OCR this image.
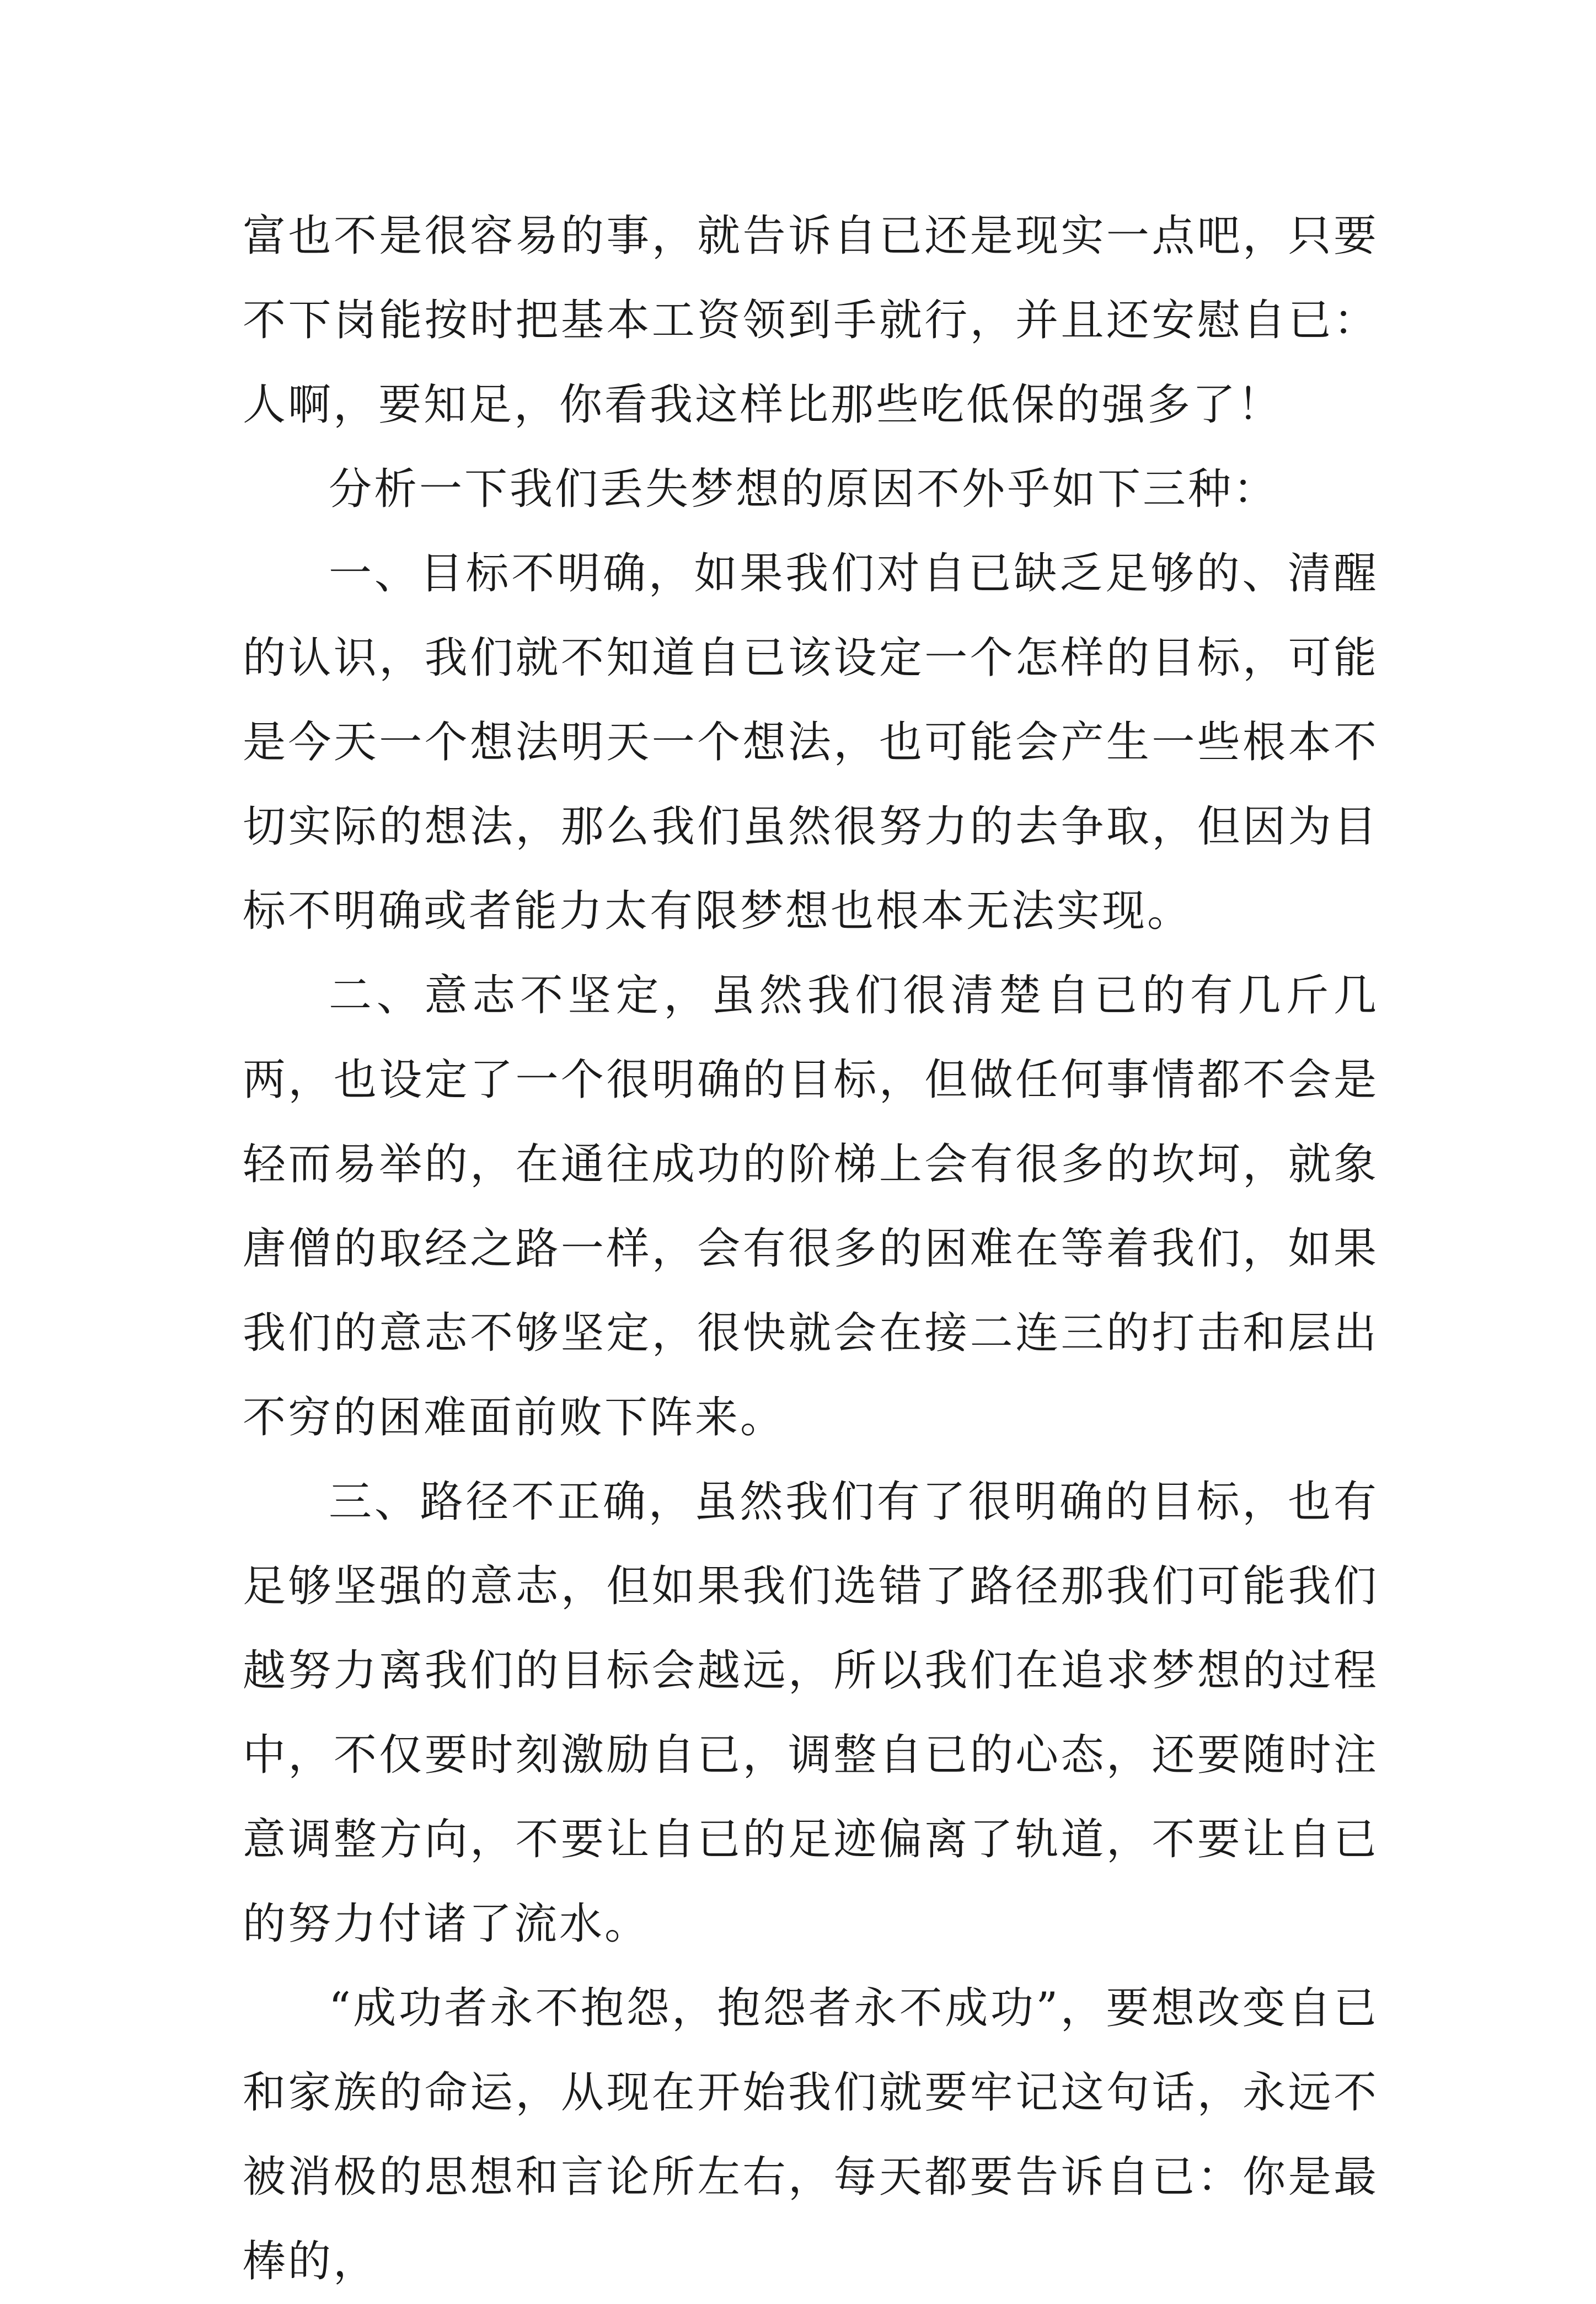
富也不是很容易的事，就告诉自已还是现实一点吧，只要不下岗能按时把基本工资领到手就行，并且还安慰自已：人啊，要知足，你看我这样比那些吃低保的强多了！

分析一下我们丢失梦想的原因不外乎如下三种：

一、目标不明确，如果我们对自已缺乏足够的、清醒的认识，我们就不知道自已该设定一个怎样的目标，可能是今天一个想法明天一个想法，也可能会产生一些根本不切实际的想法，那么我们虽然很努力的去争取，但因为目标不明确或者能力太有限梦想也根本无法实现。

二、意志不坚定，虽然我们很清楚自已的有几斤几两，也设定了一个很明确的目标，但做任何事情都不会是轻而易举的，在通往成功的阶梯上会有很多的坎坷，就象唐僧的取经之路一样，会有很多的困难在等着我们，如果我们的意志不够坚定，很快就会在接二连三的打击和层出不穷的困难面前败下阵来。

三、路径不正确，虽然我们有了很明确的目标，也有足够坚强的意志，但如果我们选错了路径那我们可能我们越努力离我们的目标会越远，所以我们在追求梦想的过程中，不仅要时刻激励自已，调整自已的心态，还要随时注意调整方向，不要让自已的足迹偏离了轨道，不要让自已的努力付诸了流水。

“成功者永不抱怨，抱怨者永不成功”，要想改变自已和家族的命运，从现在开始我们就要牢记这句话，永远不被消极的思想和言论所左右，每天都要告诉自已：你是最棒的，
